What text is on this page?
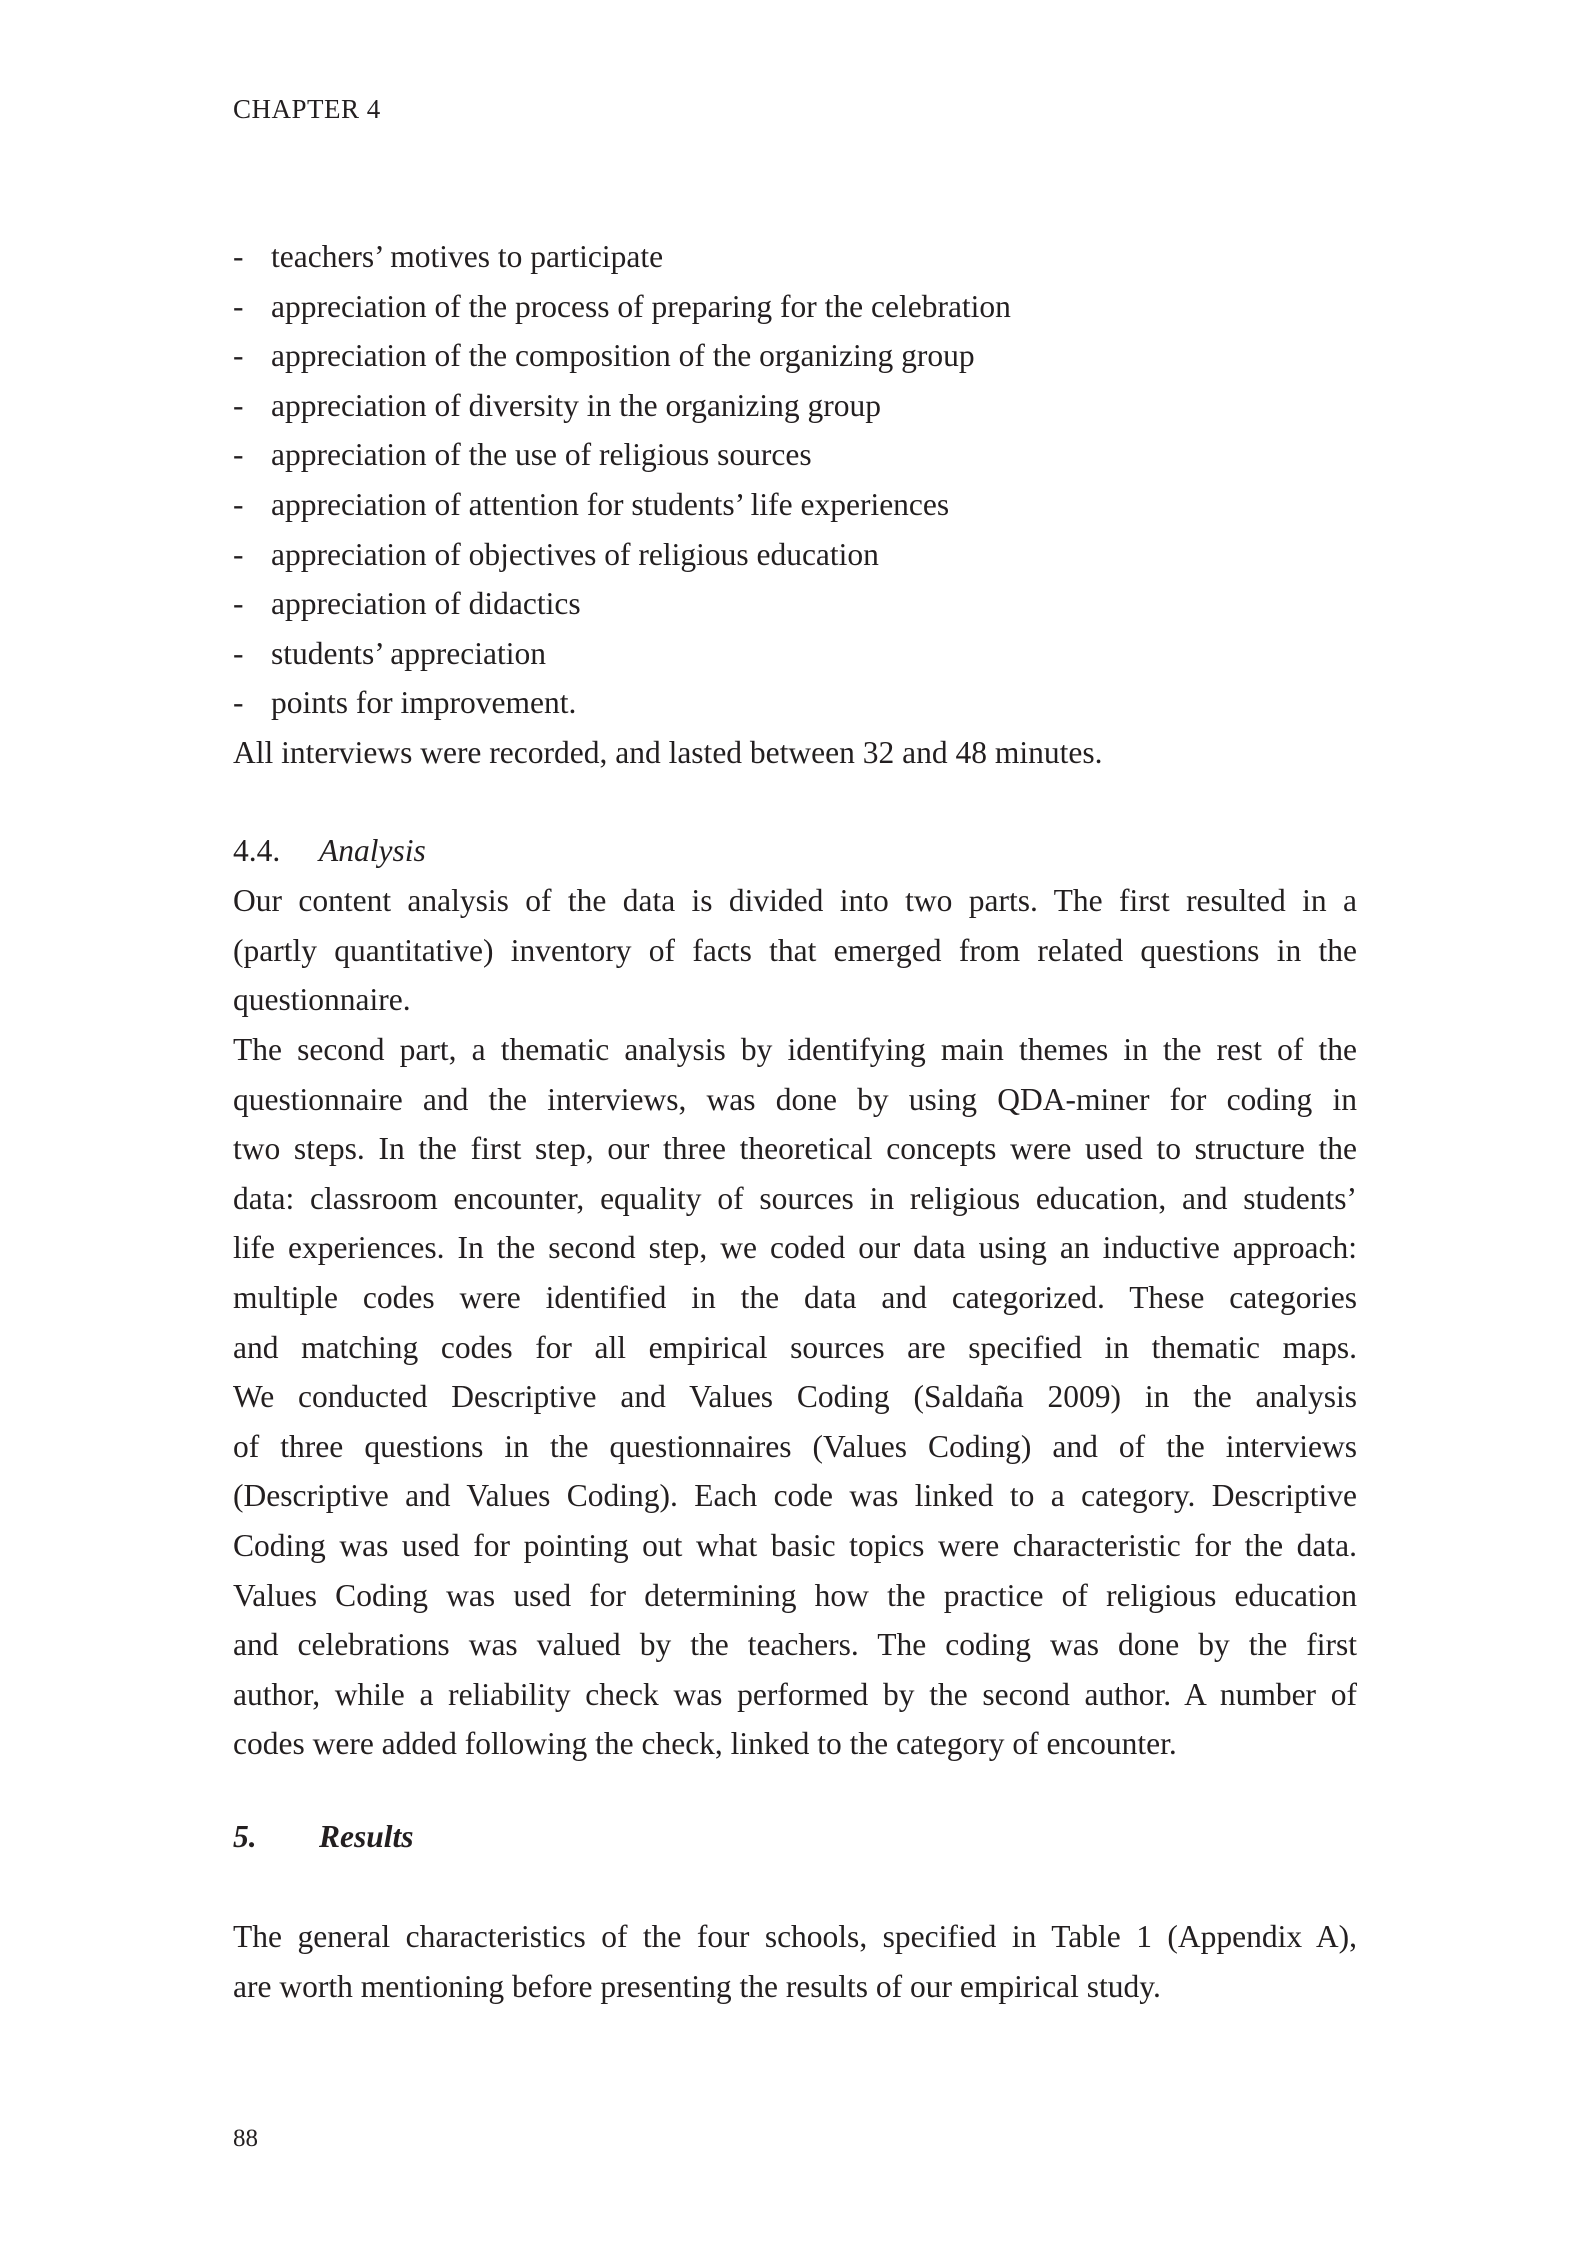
CHAPTER 4
- teachers’ motives to participate
- appreciation of the process of preparing for the celebration
- appreciation of the composition of the organizing group
- appreciation of diversity in the organizing group
- appreciation of the use of religious sources
- appreciation of attention for students’ life experiences
- appreciation of objectives of religious education
- appreciation of didactics
- students’ appreciation
- points for improvement.
All interviews were recorded, and lasted between 32 and 48 minutes.
4.4. Analysis
Our content analysis of the data is divided into two parts. The first resulted in a
(partly quantitative) inventory of facts that emerged from related questions in the
questionnaire.
The second part, a thematic analysis by identifying main themes in the rest of the
questionnaire and the interviews, was done by using QDA-miner for coding in
two steps. In the first step, our three theoretical concepts were used to structure the
data: classroom encounter, equality of sources in religious education, and students’
life experiences. In the second step, we coded our data using an inductive approach:
multiple codes were identified in the data and categorized. These categories
and matching codes for all empirical sources are specified in thematic maps.
We conducted Descriptive and Values Coding (Saldaña 2009) in the analysis
of three questions in the questionnaires (Values Coding) and of the interviews
(Descriptive and Values Coding). Each code was linked to a category. Descriptive
Coding was used for pointing out what basic topics were characteristic for the data.
Values Coding was used for determining how the practice of religious education
and celebrations was valued by the teachers. The coding was done by the first
author, while a reliability check was performed by the second author. A number of
codes were added following the check, linked to the category of encounter.
5. Results
The general characteristics of the four schools, specified in Table 1 (Appendix A),
are worth mentioning before presenting the results of our empirical study.
88
